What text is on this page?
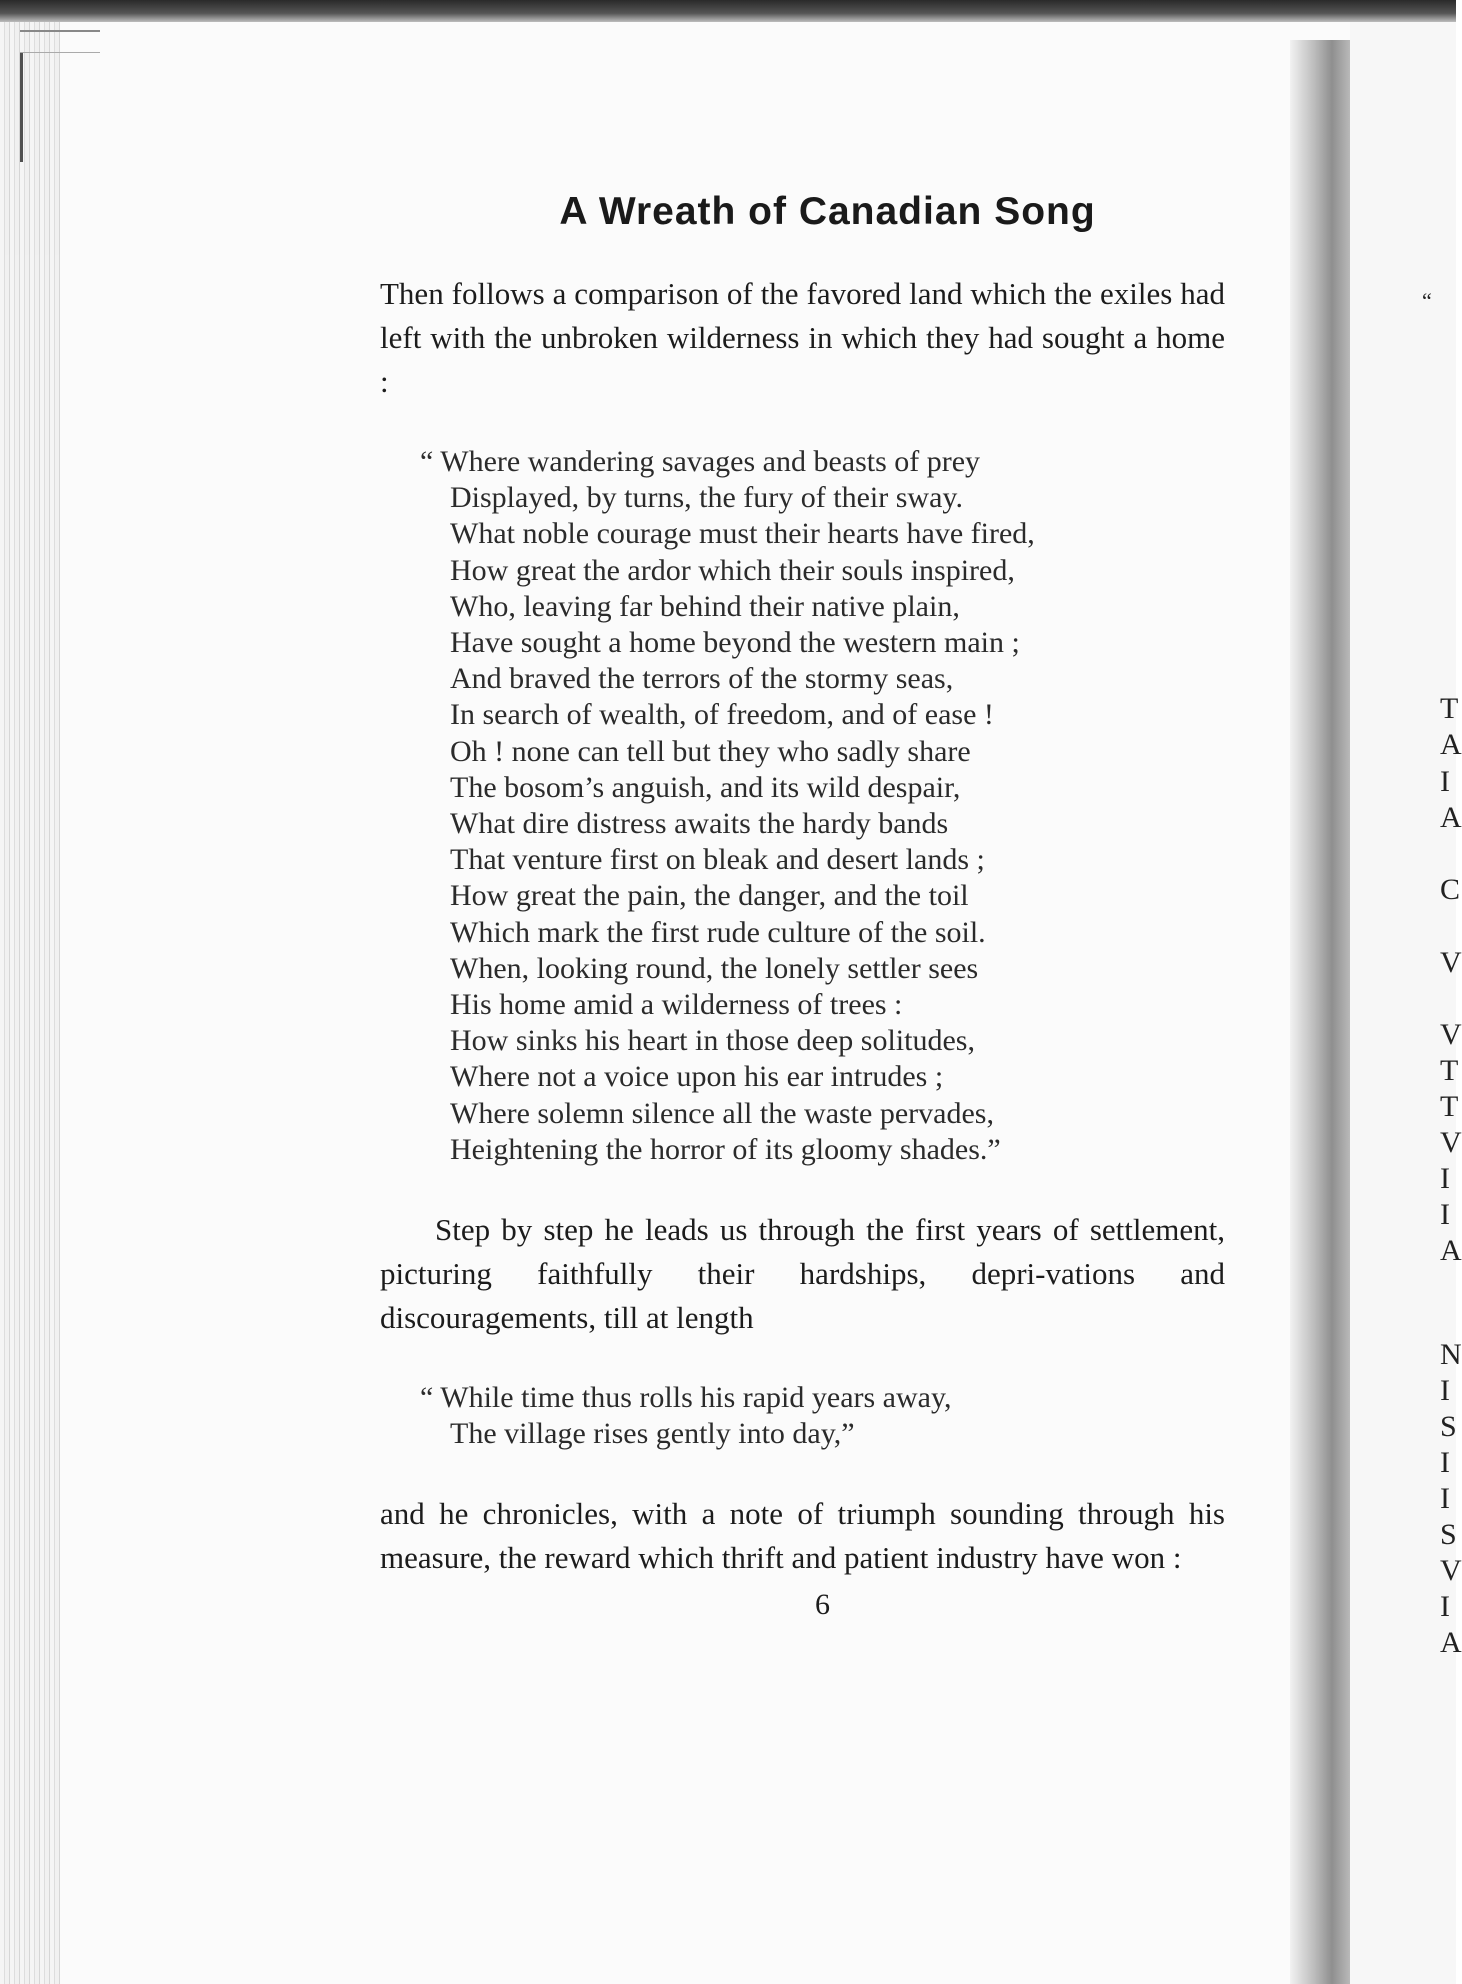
“
T
A
I
A
C
V
V
T
T
V
I
I
A
N
I
S
I
I
S
V
I
A
A Wreath of Canadian Song

Then follows a comparison of the favored land which the exiles had left with the unbroken wilderness in which they had sought a home :

“ Where wandering savages and beasts of prey
Displayed, by turns, the fury of their sway.
What noble courage must their hearts have fired,
How great the ardor which their souls inspired,
Who, leaving far behind their native plain,
Have sought a home beyond the western main ;
And braved the terrors of the stormy seas,
In search of wealth, of freedom, and of ease !
Oh ! none can tell but they who sadly share
The bosom’s anguish, and its wild despair,
What dire distress awaits the hardy bands
That venture first on bleak and desert lands ;
How great the pain, the danger, and the toil
Which mark the first rude culture of the soil.
When, looking round, the lonely settler sees
His home amid a wilderness of trees :
How sinks his heart in those deep solitudes,
Where not a voice upon his ear intrudes ;
Where solemn silence all the waste pervades,
Heightening the horror of its gloomy shades.”

Step by step he leads us through the first years of settlement, picturing faithfully their hardships, depri-vations and discouragements, till at length

“ While time thus rolls his rapid years away,
The village rises gently into day,”

and he chronicles, with a note of triumph sounding through his measure, the reward which thrift and patient industry have won :

6
